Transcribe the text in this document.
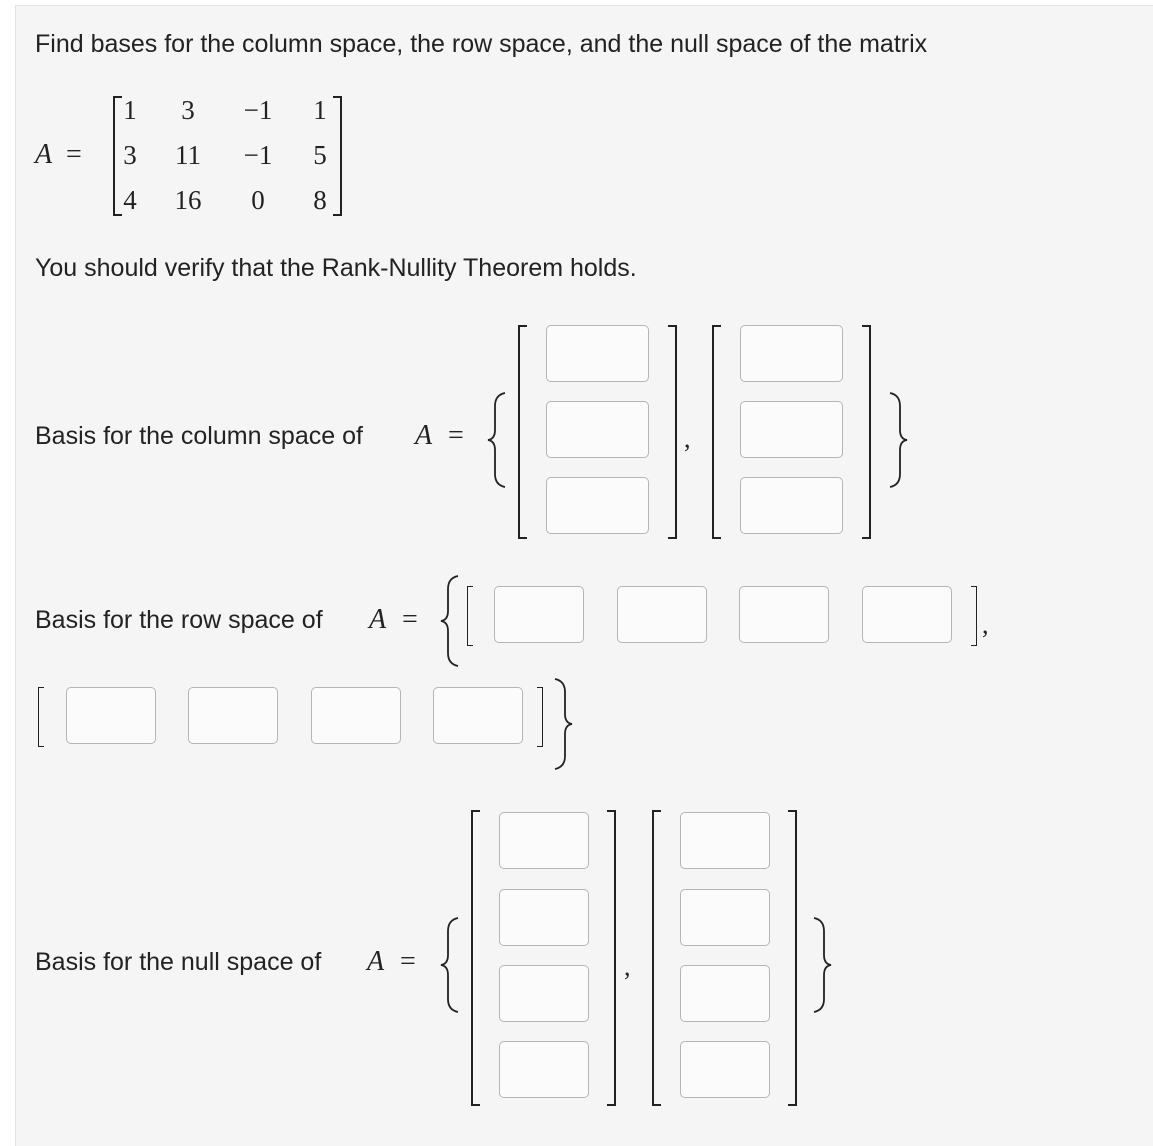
Find bases for the column space, the row space, and the null space of the matrix
A =
1	3	−1	1
3	11	−1	5
4	16	0	8
You should verify that the Rank-Nullity Theorem holds.
Basis for the column space of A =	,
Basis for the row space of A =	,
Basis for the null space of A =	,
